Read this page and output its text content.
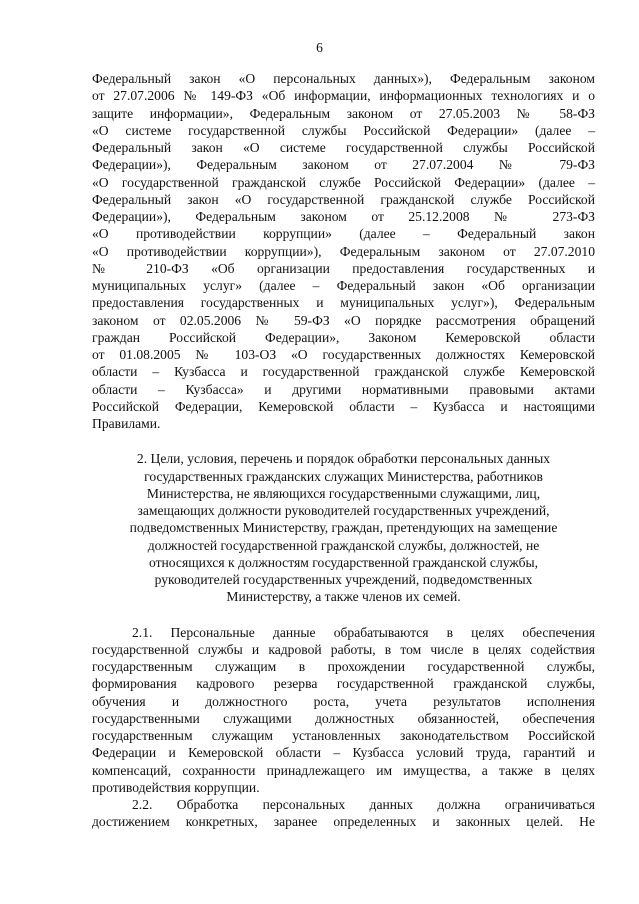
6
Федеральный закон «О персональных данных»), Федеральным законом
от 27.07.2006 № 149-ФЗ «Об информации, информационных технологиях и о
защите информации», Федеральным законом от 27.05.2003 № 58-ФЗ
«О системе государственной службы Российской Федерации» (далее –
Федеральный закон «О системе государственной службы Российской
Федерации»), Федеральным законом от 27.07.2004 № 79-ФЗ
«О государственной гражданской службе Российской Федерации» (далее –
Федеральный закон «О государственной гражданской службе Российской
Федерации»), Федеральным законом от 25.12.2008 № 273-ФЗ
«О противодействии коррупции» (далее – Федеральный закон
«О противодействии коррупции»), Федеральным законом от 27.07.2010
№ 210-ФЗ «Об организации предоставления государственных и
муниципальных услуг» (далее – Федеральный закон «Об организации
предоставления государственных и муниципальных услуг»), Федеральным
законом от 02.05.2006 № 59-ФЗ «О порядке рассмотрения обращений
граждан Российской Федерации», Законом Кемеровской области
от 01.08.2005 № 103-ОЗ «О государственных должностях Кемеровской
области – Кузбасса и государственной гражданской службе Кемеровской
области – Кузбасса» и другими нормативными правовыми актами
Российской Федерации, Кемеровской области – Кузбасса и настоящими
Правилами.
2. Цели, условия, перечень и порядок обработки персональных данных
государственных гражданских служащих Министерства, работников
Министерства, не являющихся государственными служащими, лиц,
замещающих должности руководителей государственных учреждений,
подведомственных Министерству, граждан, претендующих на замещение
должностей государственной гражданской службы, должностей, не
относящихся к должностям государственной гражданской службы,
руководителей государственных учреждений, подведомственных
Министерству, а также членов их семей.
2.1. Персональные данные обрабатываются в целях обеспечения
государственной службы и кадровой работы, в том числе в целях содействия
государственным служащим в прохождении государственной службы,
формирования кадрового резерва государственной гражданской службы,
обучения и должностного роста, учета результатов исполнения
государственными служащими должностных обязанностей, обеспечения
государственным служащим установленных законодательством Российской
Федерации и Кемеровской области – Кузбасса условий труда, гарантий и
компенсаций, сохранности принадлежащего им имущества, а также в целях
противодействия коррупции.
2.2. Обработка персональных данных должна ограничиваться
достижением конкретных, заранее определенных и законных целей. Не
